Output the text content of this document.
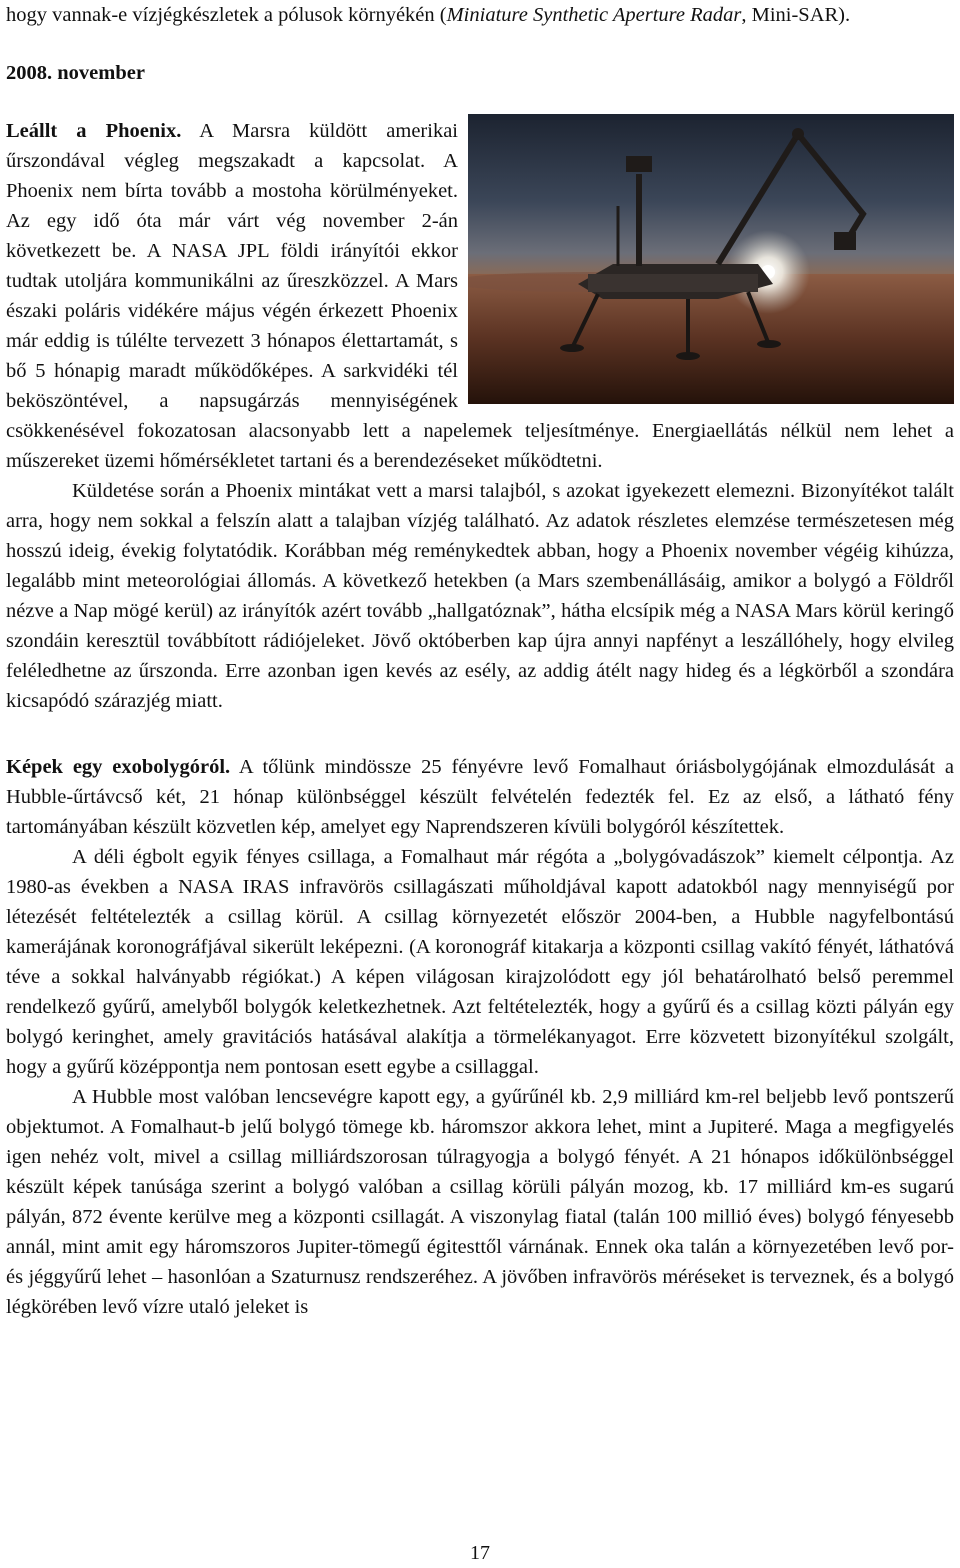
hogy vannak-e vízjégkészletek a pólusok környékén (Miniature Synthetic Aperture Radar, Mini-SAR).

2008. november

Leállt a Phoenix. A Marsra küldött amerikai űrszondával végleg megszakadt a kapcsolat. A Phoenix nem bírta tovább a mostoha körülményeket. Az egy idő óta már várt vég november 2-án következett be. A NASA JPL földi irányítói ekkor tudtak utoljára kommunikálni az űreszközzel. A Mars északi poláris vidékére május végén érkezett Phoenix már eddig is túlélte tervezett 3 hónapos élettartamát, s bő 5 hónapig maradt működőképes. A sarkvidéki tél beköszöntével, a napsugárzás mennyiségének csökkenésével fokozatosan alacsonyabb lett a napelemek teljesítménye. Energiaellátás nélkül nem lehet a műszereket üzemi hőmérsékletet tartani és a berendezéseket működtetni.

Küldetése során a Phoenix mintákat vett a marsi talajból, s azokat igyekezett elemezni. Bizonyítékot talált arra, hogy nem sokkal a felszín alatt a talajban vízjég található. Az adatok részletes elemzése természetesen még hosszú ideig, évekig folytatódik. Korábban még reménykedtek abban, hogy a Phoenix november végéig kihúzza, legalább mint meteorológiai állomás. A következő hetekben (a Mars szembenállásáig, amikor a bolygó a Földről nézve a Nap mögé kerül) az irányítók azért tovább „hallgatóznak”, hátha elcsípik még a NASA Mars körül keringő szondáin keresztül továbbított rádiójeleket. Jövő októberben kap újra annyi napfényt a leszállóhely, hogy elvileg feléledhetne az űrszonda. Erre azonban igen kevés az esély, az addig átélt nagy hideg és a légkörből a szondára kicsapódó szárazjég miatt.

Képek egy exobolygóról. A tőlünk mindössze 25 fényévre levő Fomalhaut óriásbolygójának elmozdulását a Hubble-űrtávcső két, 21 hónap különbséggel készült felvételén fedezték fel. Ez az első, a látható fény tartományában készült közvetlen kép, amelyet egy Naprendszeren kívüli bolygóról készítettek.

A déli égbolt egyik fényes csillaga, a Fomalhaut már régóta a „bolygóvadászok” kiemelt célpontja. Az 1980-as években a NASA IRAS infravörös csillagászati műholdjával kapott adatokból nagy mennyiségű por létezését feltételezték a csillag körül. A csillag környezetét először 2004-ben, a Hubble nagyfelbontású kamerájának koronográfjával sikerült leképezni. (A koronográf kitakarja a központi csillag vakító fényét, láthatóvá téve a sokkal halványabb régiókat.) A képen világosan kirajzolódott egy jól behatárolható belső peremmel rendelkező gyűrű, amelyből bolygók keletkezhetnek. Azt feltételezték, hogy a gyűrű és a csillag közti pályán egy bolygó keringhet, amely gravitációs hatásával alakítja a törmelékanyagot. Erre közvetett bizonyítékul szolgált, hogy a gyűrű középpontja nem pontosan esett egybe a csillaggal.

A Hubble most valóban lencsevégre kapott egy, a gyűrűnél kb. 2,9 milliárd km-rel beljebb levő pontszerű objektumot. A Fomalhaut-b jelű bolygó tömege kb. háromszor akkora lehet, mint a Jupiteré. Maga a megfigyelés igen nehéz volt, mivel a csillag milliárdszorosan túlragyogja a bolygó fényét. A 21 hónapos időkülönbséggel készült képek tanúsága szerint a bolygó valóban a csillag körüli pályán mozog, kb. 17 milliárd km-es sugarú pályán, 872 évente kerülve meg a központi csillagát. A viszonylag fiatal (talán 100 millió éves) bolygó fényesebb annál, mint amit egy háromszoros Jupiter-tömegű égitesttől várnának. Ennek oka talán a környezetében levő por- és jéggyűrű lehet – hasonlóan a Szaturnusz rendszeréhez. A jövőben infravörös méréseket is terveznek, és a bolygó légkörében levő vízre utaló jeleket is

17
